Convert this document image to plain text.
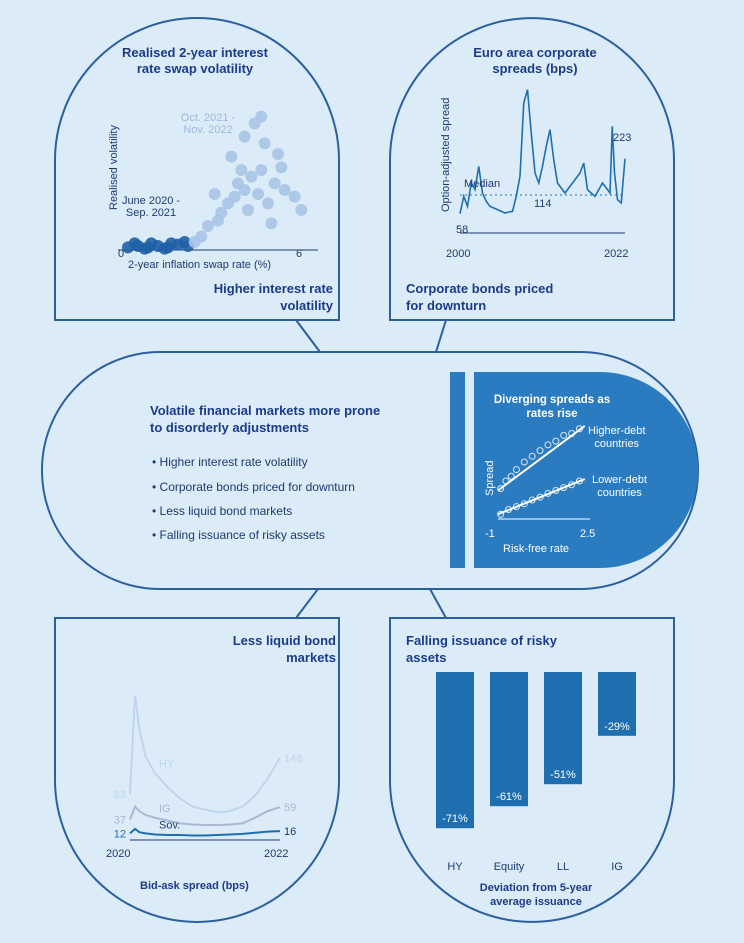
Realised 2-year interest
rate swap volatility
0	6
2-year inflation swap rate (%)
Realised volatility
Oct. 2021 -
Nov. 2022
June 2020 -
Sep. 2021
Higher interest rate
volatility
Euro area corporate
spreads (bps)
Option-adjusted spread Median
58
114
223
2000	2022
Corporate bonds priced
for downturn
Volatile financial markets more prone
to disorderly adjustments
• Higher interest rate volatility
• Corporate bonds priced for downturn
• Less liquid bond markets
• Falling issuance of risky assets
Diverging spreads as
rates rise
Spread
-1	2.5
Risk-free rate
Higher-debt
countries
Lower-debt
countries
Less liquid bond
markets
83
148
HY
37
59
IG
12	16
Sov.
2020	2022
Bid-ask spread (bps)
Falling issuance of risky
assets
-71%
HY
-61%
Equity
-51%
LL
-29%
IG
Deviation from 5-year
average issuance
